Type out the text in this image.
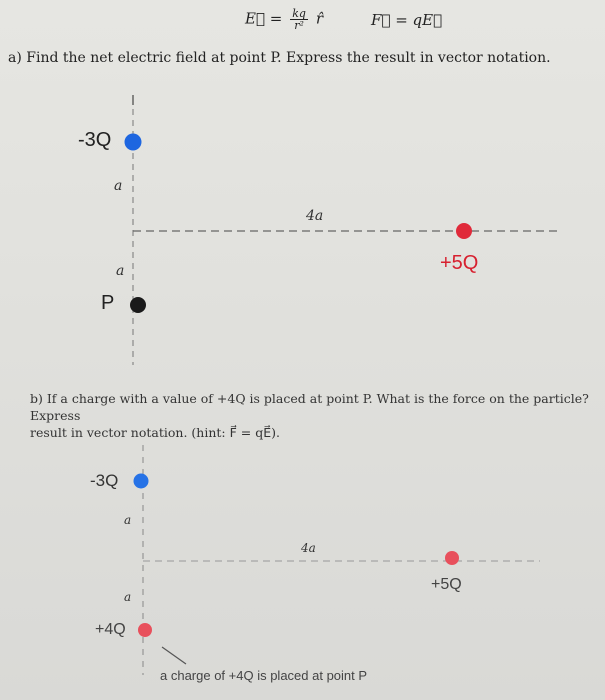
E⃗ = $\frac{kq}{\text{r²}}$ r̂	F⃗ = qE⃗
a) Find the net electric field at point P. Express the result in vector notation.
-3Q
a
4a
+5Q
a
P
b) If a charge with a value of +4Q is placed at point P. What is the force on the particle? Express
result in vector notation. (hint: F⃗ = qE⃗).
-3Q
a
4a
+5Q
a
+4Q
a charge of +4Q is placed at point P
